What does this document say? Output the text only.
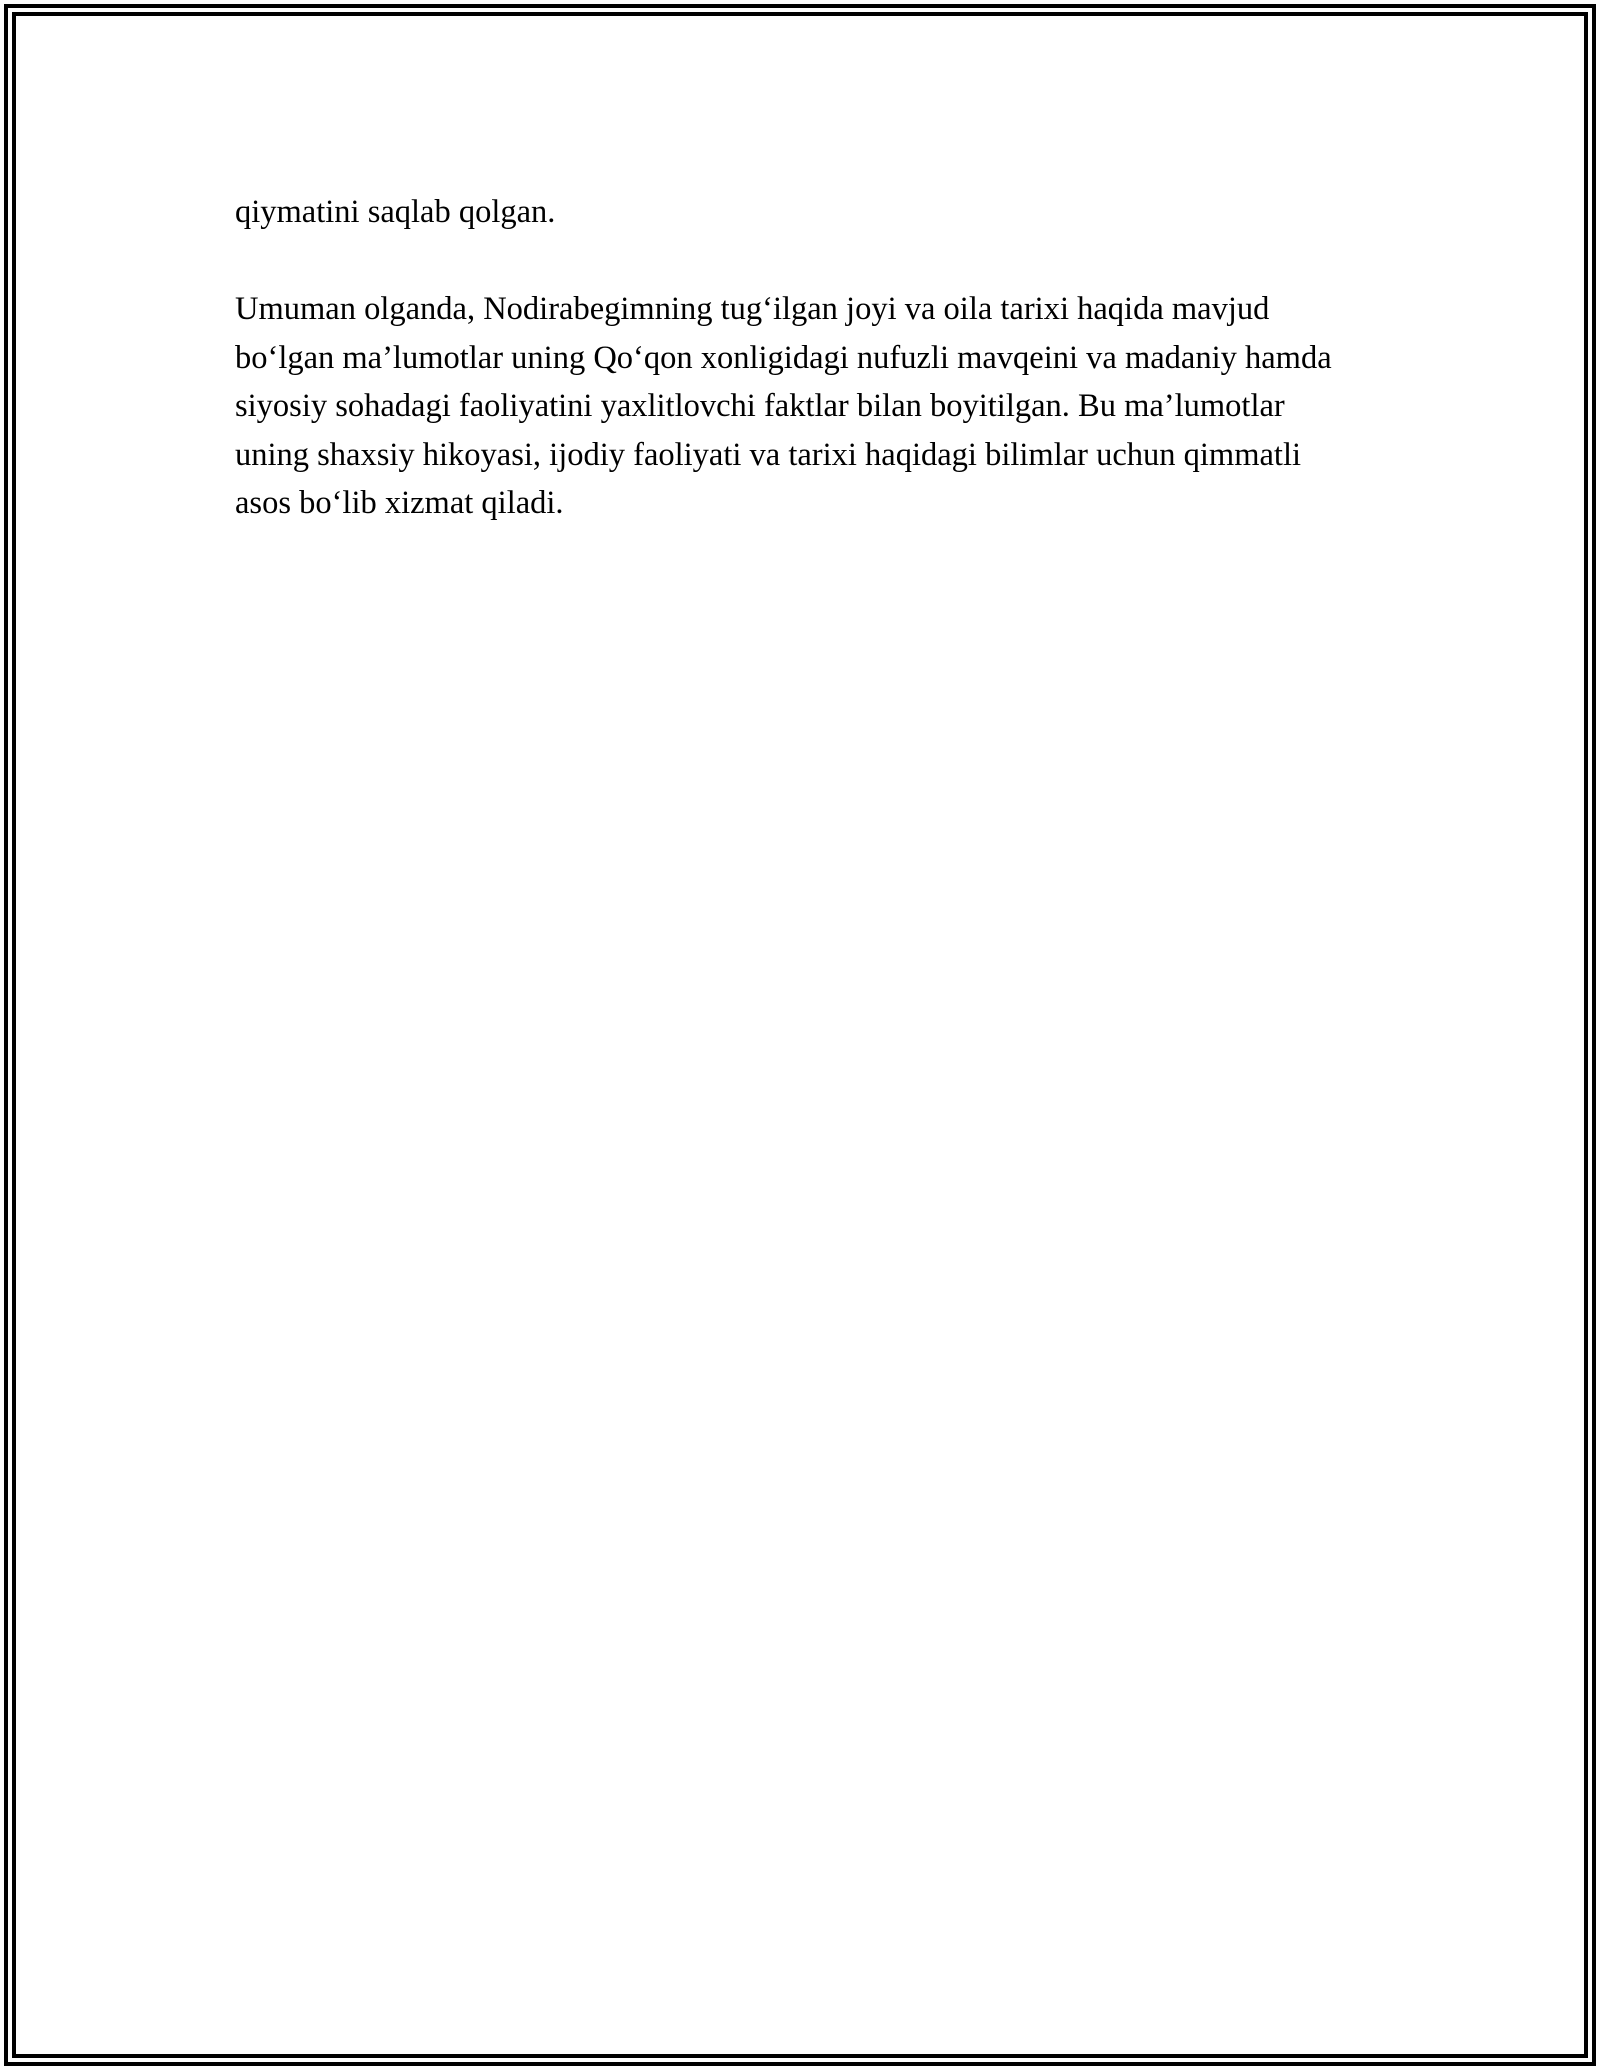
qiymatini saqlab qolgan.

Umuman olganda, Nodirabegimning tug‘ilgan joyi va oila tarixi haqida mavjud bo‘lgan ma’lumotlar uning Qo‘qon xonligidagi nufuzli mavqeini va madaniy hamda siyosiy sohadagi faoliyatini yaxlitlovchi faktlar bilan boyitilgan. Bu ma’lumotlar uning shaxsiy hikoyasi, ijodiy faoliyati va tarixi haqidagi bilimlar uchun qimmatli asos bo‘lib xizmat qiladi.
